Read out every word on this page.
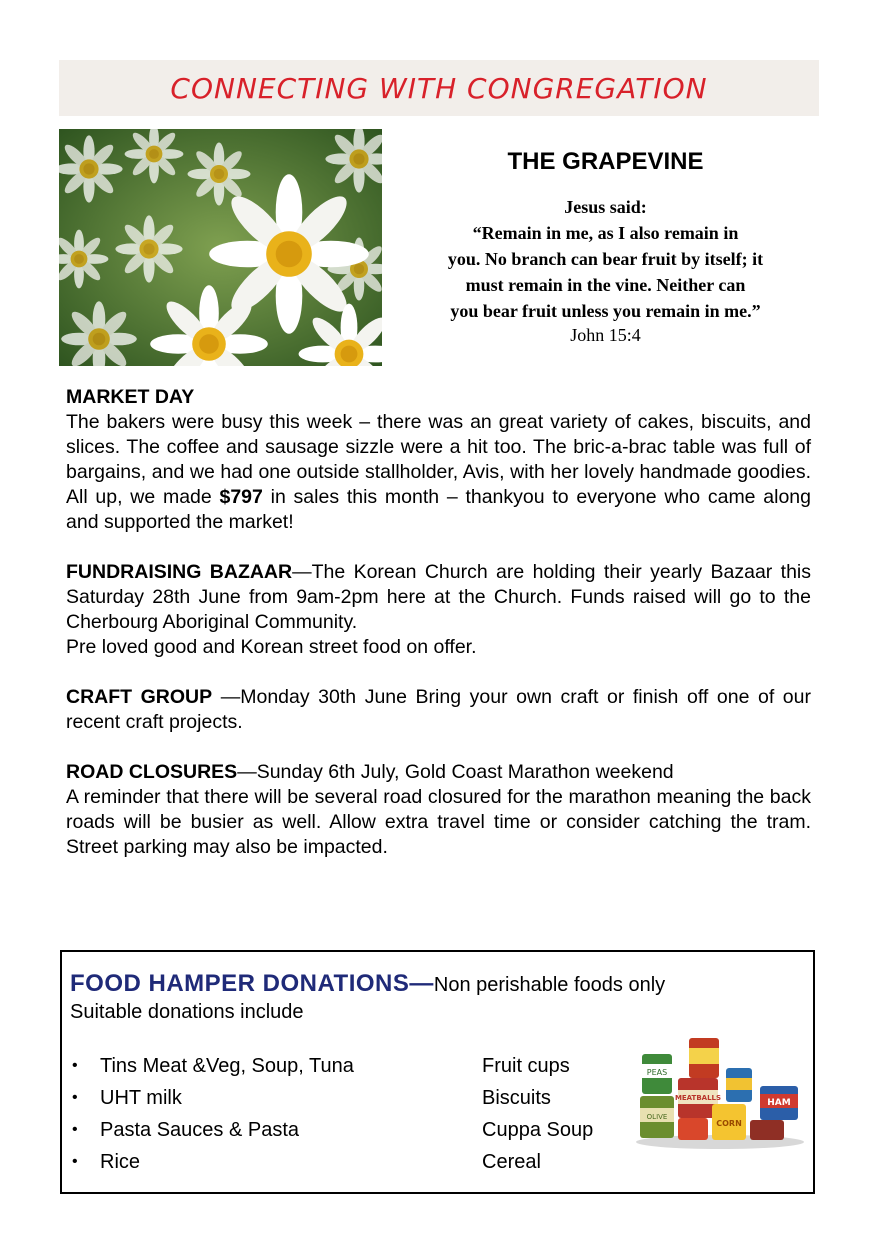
CONNECTING WITH CONGREGATION
THE GRAPEVINE
Jesus said:
“Remain in me, as I also remain in
you. No branch can bear fruit by itself; it
must remain in the vine. Neither can
you bear fruit unless you remain in me.”
John 15:4

MARKET DAY

The bakers were busy this week – there was an great variety of cakes, biscuits, and slices. The coffee and sausage sizzle were a hit too. The bric-a-brac table was full of bargains, and we had one outside stallholder, Avis, with her lovely handmade goodies. All up, we made $797 in sales this month – thankyou to everyone who came along and supported the market!

FUNDRAISING BAZAAR—The Korean Church are holding their yearly Bazaar this Saturday 28th June from 9am-2pm here at the Church. Funds raised will go to the Cherbourg Aboriginal Community.

Pre loved good and Korean street food on offer.

CRAFT GROUP —Monday 30th June Bring your own craft or finish off one of our recent craft projects.

ROAD CLOSURES—Sunday 6th July, Gold Coast Marathon weekend

A reminder that there will be several road closured for the marathon meaning the back roads will be busier as well. Allow extra travel time or consider catching the tram. Street parking may also be impacted.

FOOD HAMPER DONATIONS—Non perishable foods only
Suitable donations include
• Tins Meat &Veg, Soup, Tuna
• UHT milk
• Pasta Sauces & Pasta
• Rice
Fruit cups
Biscuits
Cuppa Soup
Cereal
PEAS
HAM
MEATBALLS
OLIVE
CORN
